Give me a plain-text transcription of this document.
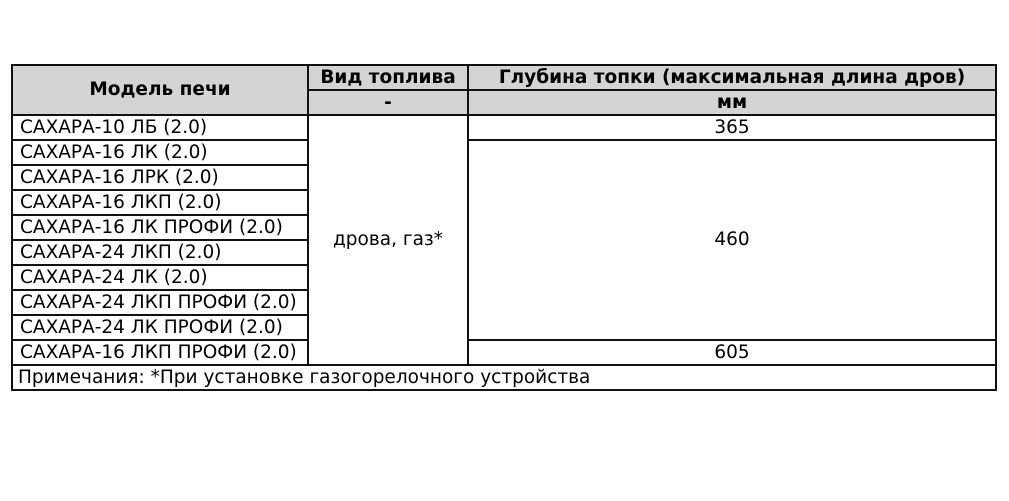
Модель печи	Вид топлива	Глубина топки (максимальная длина дров)
	-	мм
САХАРА-10 ЛБ (2.0)	дрова, газ*	365
САХАРА-16 ЛК (2.0)		460
САХАРА-16 ЛРК (2.0)		
САХАРА-16 ЛКП (2.0)		
САХАРА-16 ЛК ПРОФИ (2.0)		
САХАРА-24 ЛКП (2.0)		
САХАРА-24 ЛК (2.0)		
САХАРА-24 ЛКП ПРОФИ (2.0)		
САХАРА-24 ЛК ПРОФИ (2.0)		
САХАРА-16 ЛКП ПРОФИ (2.0)		605
Примечания: *При установке газогорелочного устройства		
